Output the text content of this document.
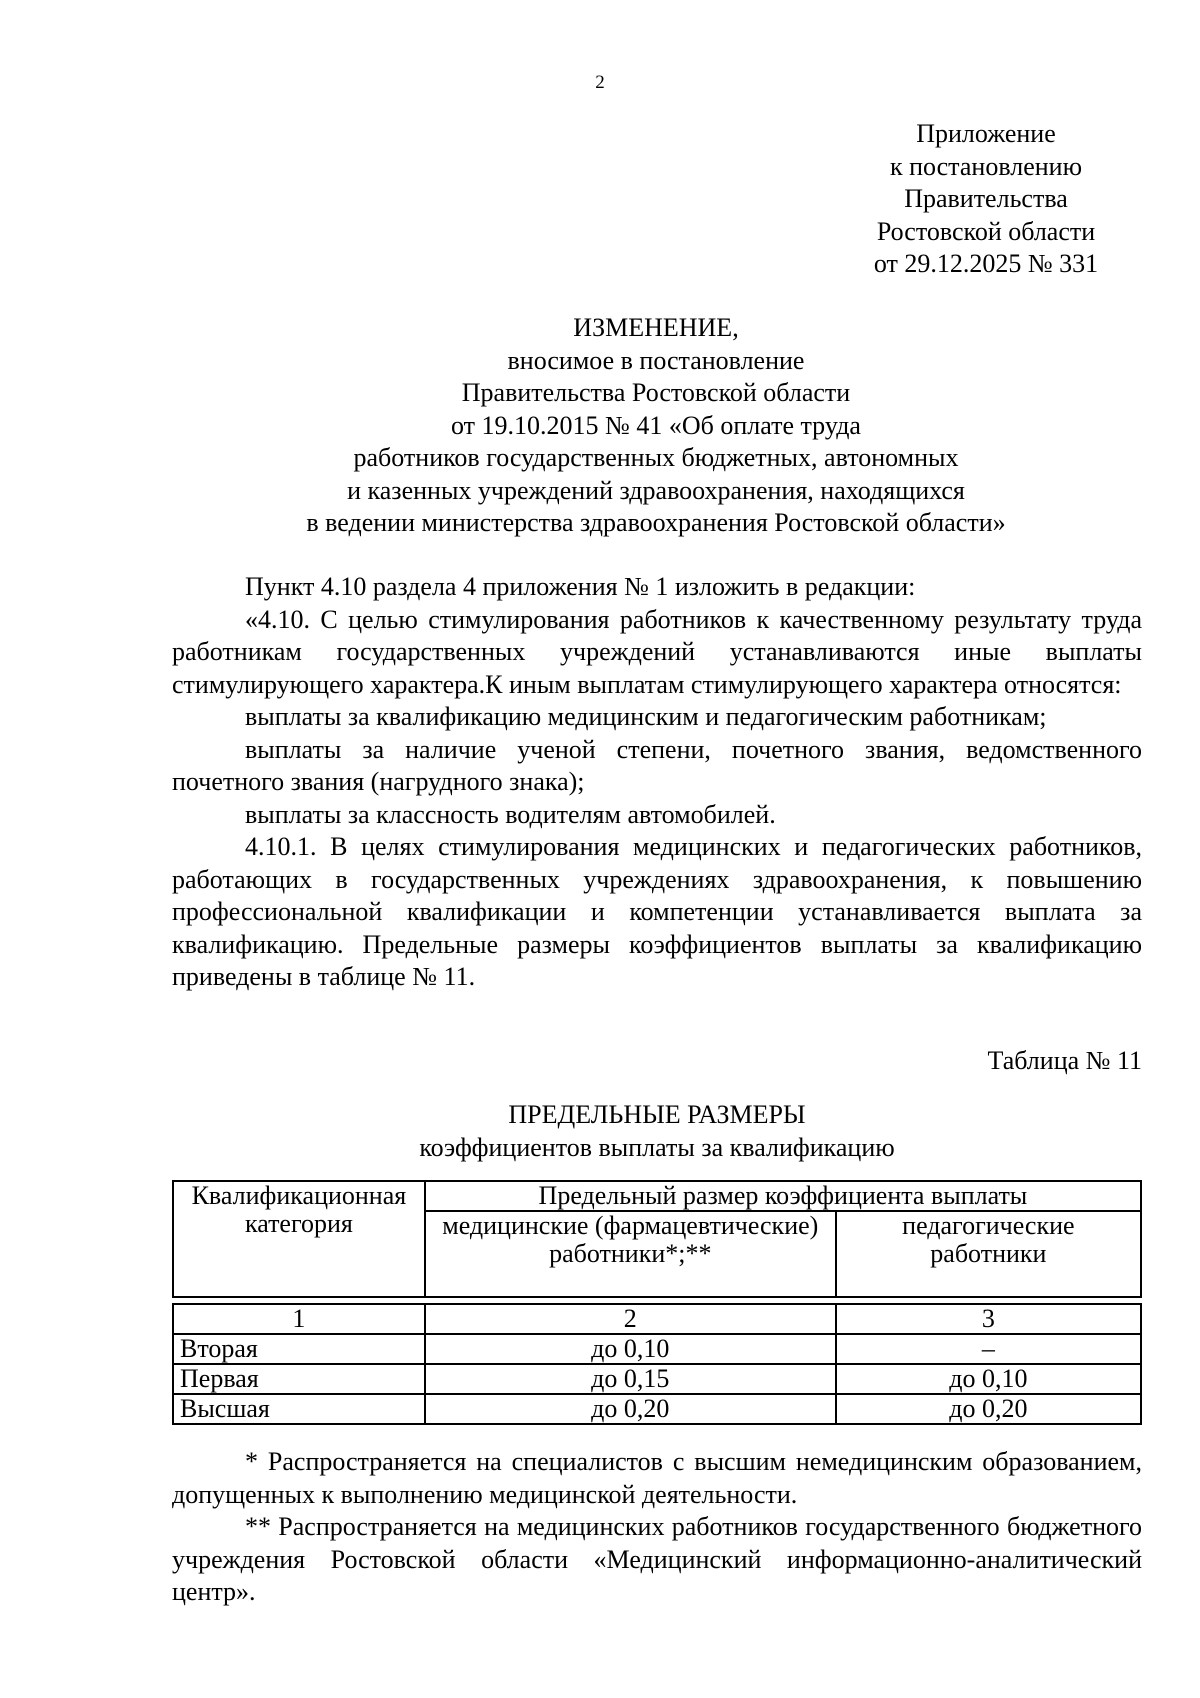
2
Приложение
к постановлению
Правительства
Ростовской области
от 29.12.2025 № 331
ИЗМЕНЕНИЕ,
вносимое в постановление
Правительства Ростовской области
от 19.10.2015 № 41 «Об оплате труда
работников государственных бюджетных, автономных
и казенных учреждений здравоохранения, находящихся
в ведении министерства здравоохранения Ростовской области»

Пункт 4.10 раздела 4 приложения № 1 изложить в редакции:

«4.10. С целью стимулирования работников к качественному результату труда работникам государственных учреждений устанавливаются иные выплаты стимулирующего характера.К иным выплатам стимулирующего характера относятся:

выплаты за квалификацию медицинским и педагогическим работникам;

выплаты за наличие ученой степени, почетного звания, ведомственного почетного звания (нагрудного знака);

выплаты за классность водителям автомобилей.

4.10.1. В целях стимулирования медицинских и педагогических работников, работающих в государственных учреждениях здравоохранения, к повышению профессиональной квалификации и компетенции устанавливается выплата за квалификацию. Предельные размеры коэффициентов выплаты за квалификацию приведены в таблице № 11.

Таблица № 11
ПРЕДЕЛЬНЫЕ РАЗМЕРЫ
коэффициентов выплаты за квалификацию
Квалификационная категория	Предельный размер коэффициента выплаты	
	медицинские (фармацевтические) работники*;**	педагогические работники

1	2	3
Вторая	до 0,10	–
Первая	до 0,15	до 0,10
Высшая	до 0,20	до 0,20

* Распространяется на специалистов с высшим немедицинским образованием, допущенных к выполнению медицинской деятельности.

** Распространяется на медицинских работников государственного бюджетного учреждения Ростовской области «Медицинский информационно-аналитический центр».
